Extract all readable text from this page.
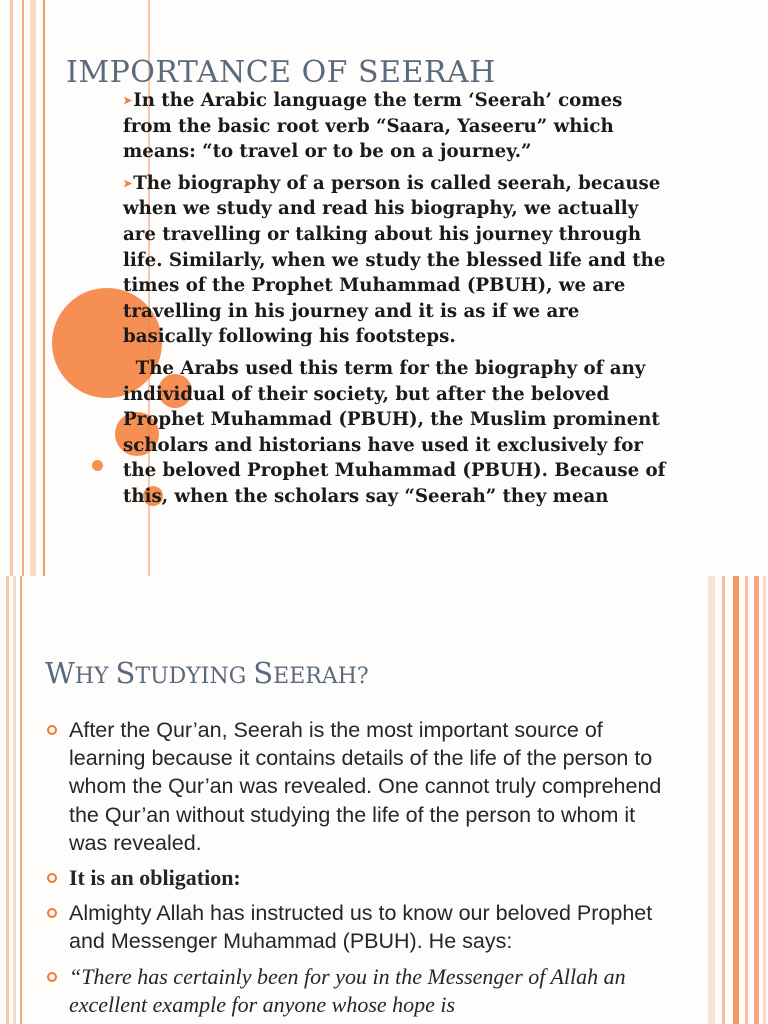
IMPORTANCE OF SEERAH

➤In the Arabic language the term ‘Seerah’ comes from the basic root verb “Saara, Yaseeru” which means: “to travel or to be on a journey.”

➤The biography of a person is called seerah, because when we study and read his biography, we actually are travelling or talking about his journey through life. Similarly, when we study the blessed life and the times of the Prophet Muhammad (PBUH), we are travelling in his journey and it is as if we are basically following his footsteps.

The Arabs used this term for the biography of any individual of their society, but after the beloved Prophet Muhammad (PBUH), the Muslim prominent scholars and historians have used it exclusively for the beloved Prophet Muhammad (PBUH). Because of this, when the scholars say “Seerah” they mean

WHY STUDYING SEERAH?
After the Qur’an, Seerah is the most important source of learning because it contains details of the life of the person to whom the Qur’an was revealed. One cannot truly comprehend the Qur’an without studying the life of the person to whom it was revealed.
It is an obligation:
Almighty Allah has instructed us to know our beloved Prophet and Messenger Muhammad (PBUH). He says:
“There has certainly been for you in the Messenger of Allah an excellent example for anyone whose hope is
